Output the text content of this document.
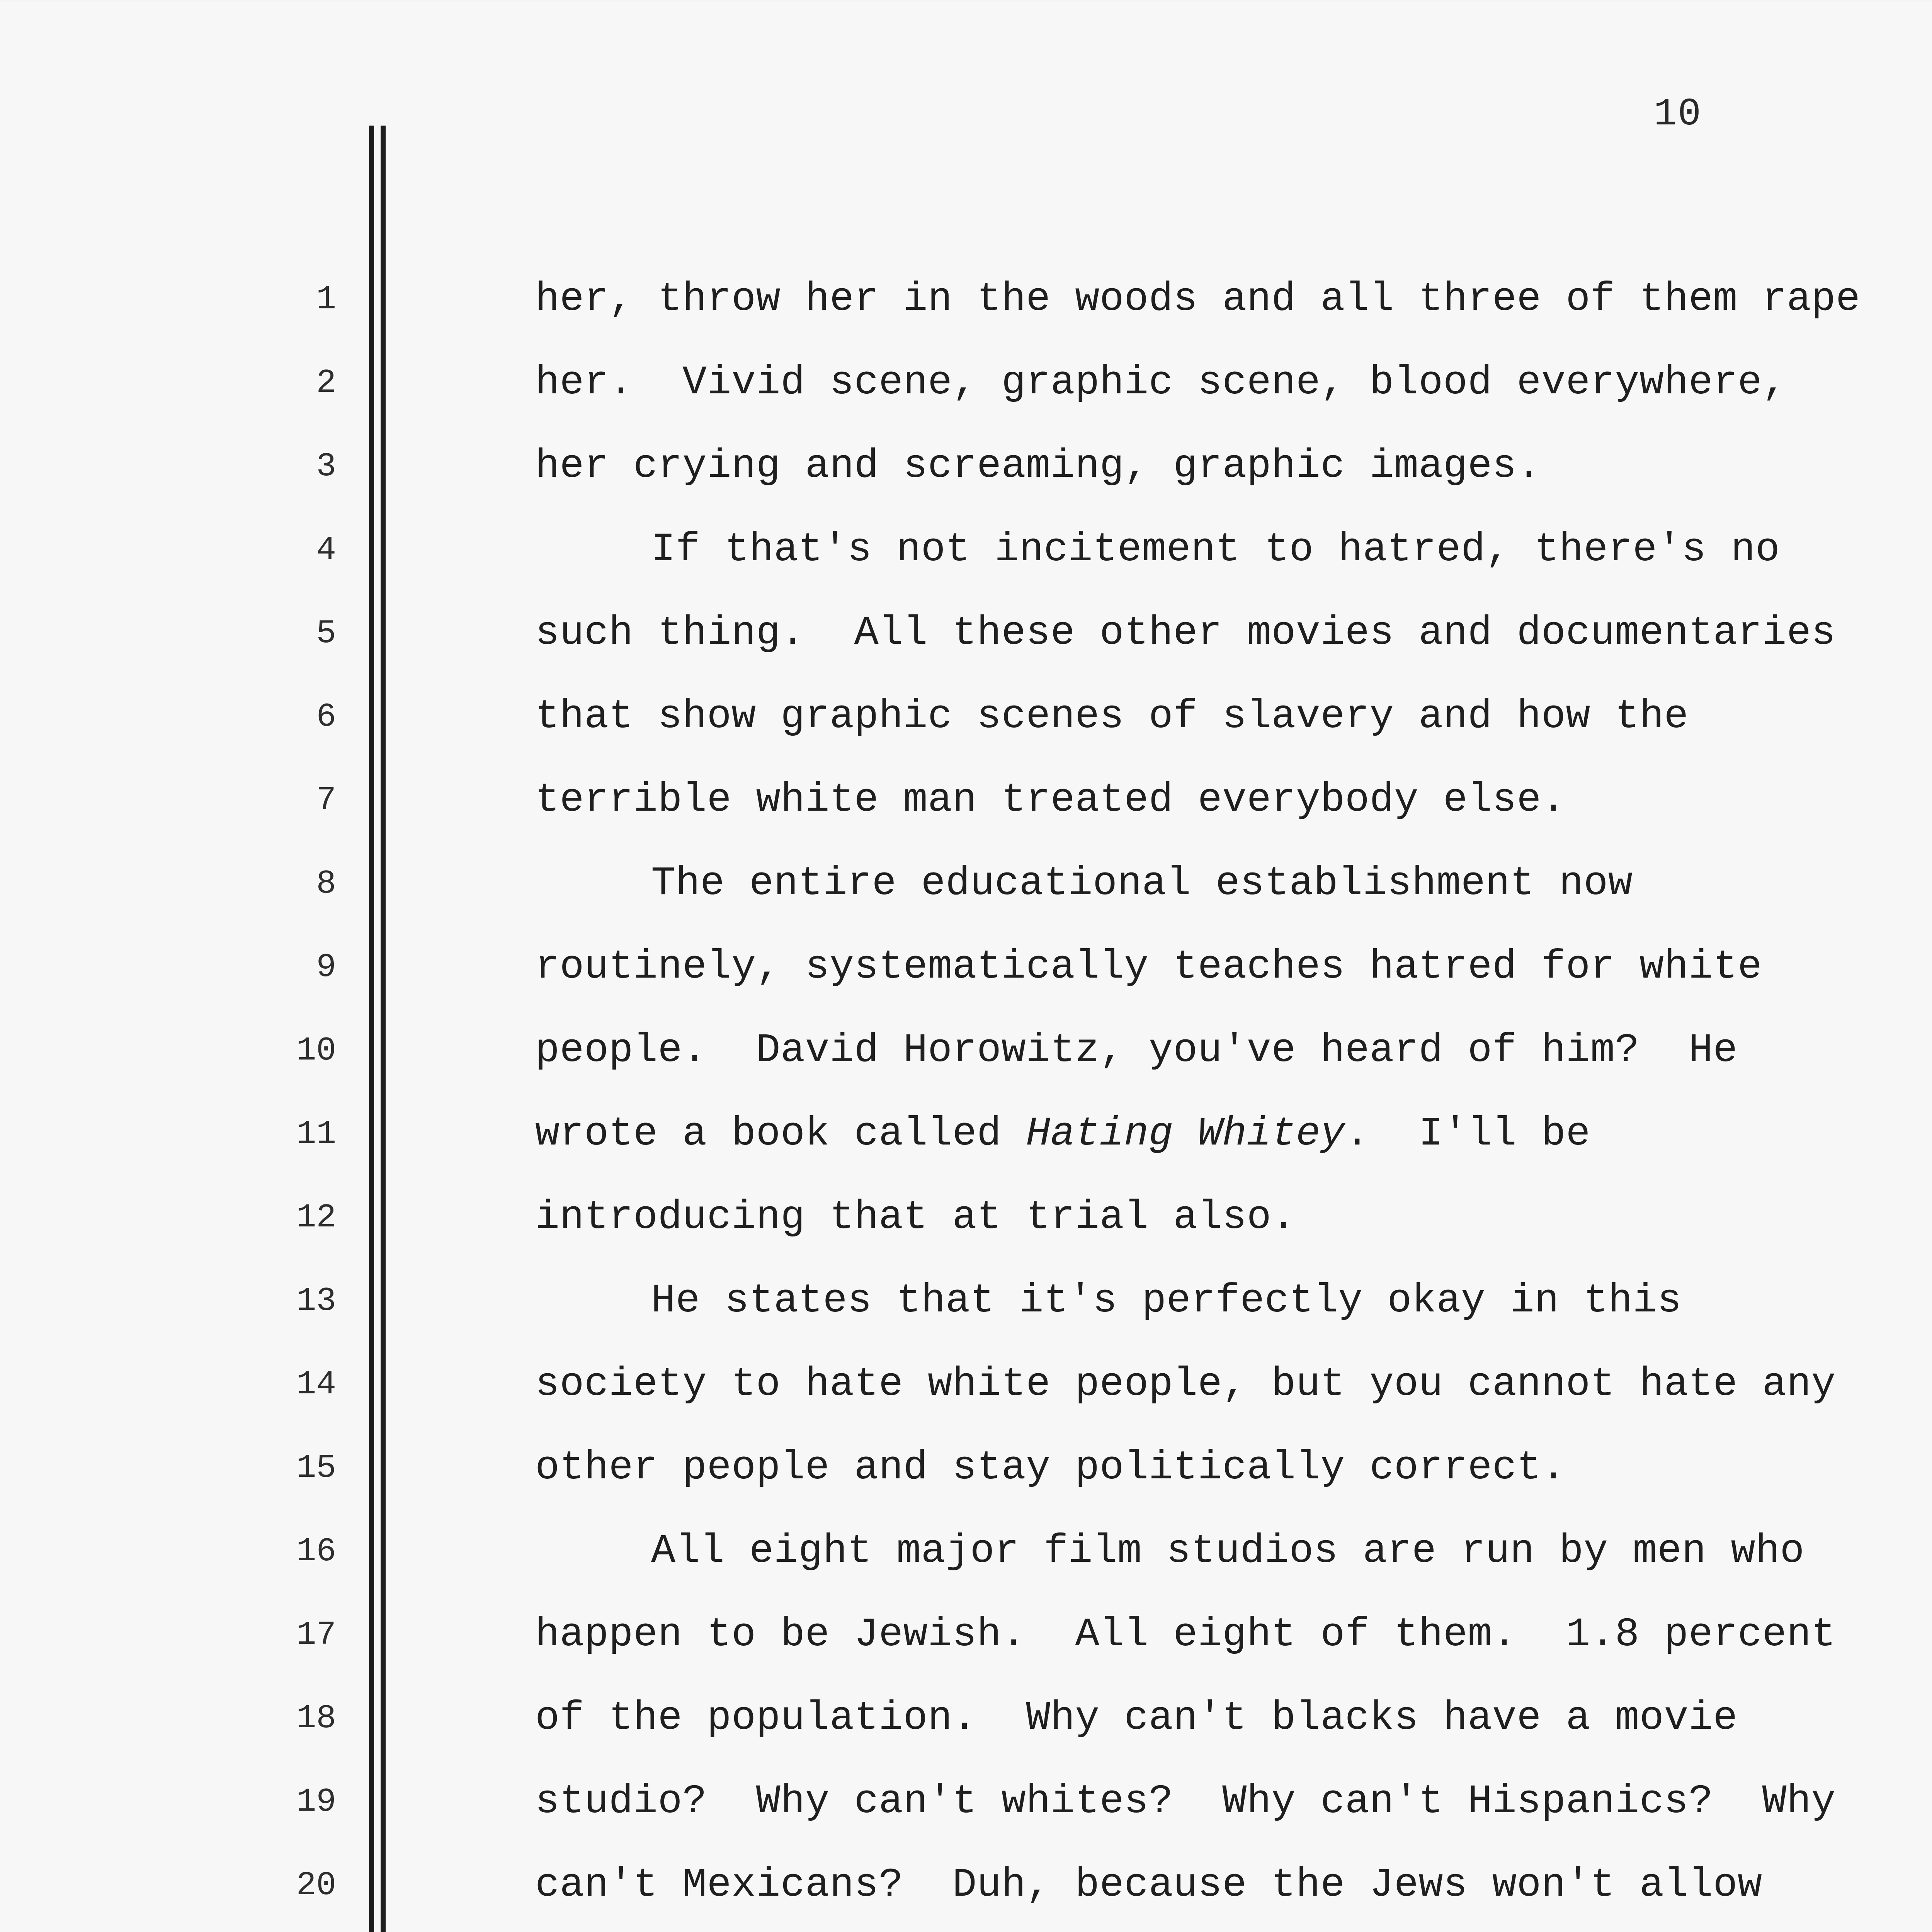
10
1
2
3
4
5
6
7
8
9
10
11
12
13
14
15
16
17
18
19
20
her, throw her in the woods and all three of them rape
her.  Vivid scene, graphic scene, blood everywhere,
her crying and screaming, graphic images.
If that's not incitement to hatred, there's no
such thing.  All these other movies and documentaries
that show graphic scenes of slavery and how the
terrible white man treated everybody else.
The entire educational establishment now
routinely, systematically teaches hatred for white
people.  David Horowitz, you've heard of him?  He
wrote a book called Hating Whitey.  I'll be
introducing that at trial also.
He states that it's perfectly okay in this
society to hate white people, but you cannot hate any
other people and stay politically correct.
All eight major film studios are run by men who
happen to be Jewish.  All eight of them.  1.8 percent
of the population.  Why can't blacks have a movie
studio?  Why can't whites?  Why can't Hispanics?  Why
can't Mexicans?  Duh, because the Jews won't allow
